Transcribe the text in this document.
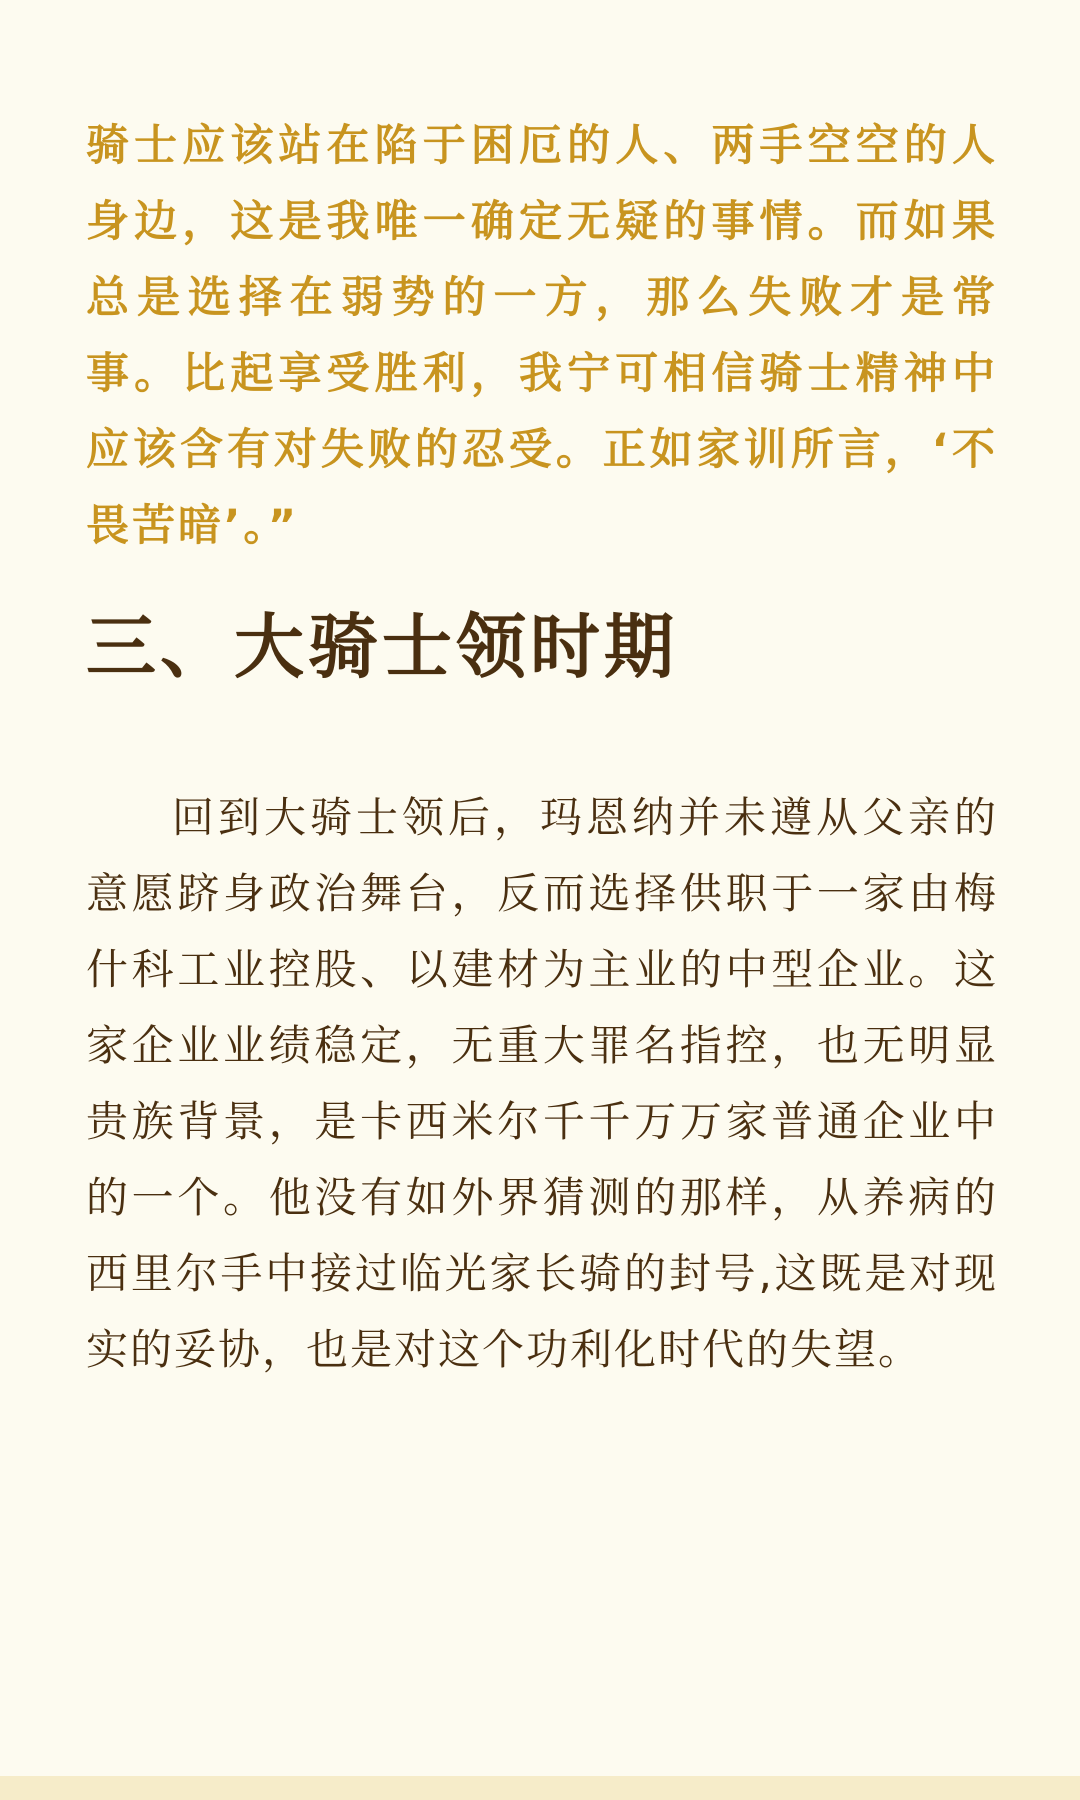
骑士应该站在陷于困厄的人、两手空空的人身边，这是我唯一确定无疑的事情。而如果总是选择在弱势的一方，那么失败才是常事。比起享受胜利，我宁可相信骑士精神中应该含有对失败的忍受。正如家训所言，‘不畏苦暗’。”

三、大骑士领时期

回到大骑士领后，玛恩纳并未遵从父亲的意愿跻身政治舞台，反而选择供职于一家由梅什科工业控股、以建材为主业的中型企业。这家企业业绩稳定，无重大罪名指控，也无明显贵族背景，是卡西米尔千千万万家普通企业中的一个。他没有如外界猜测的那样，从养病的西里尔手中接过临光家长骑的封号,这既是对现实的妥协，也是对这个功利化时代的失望。
